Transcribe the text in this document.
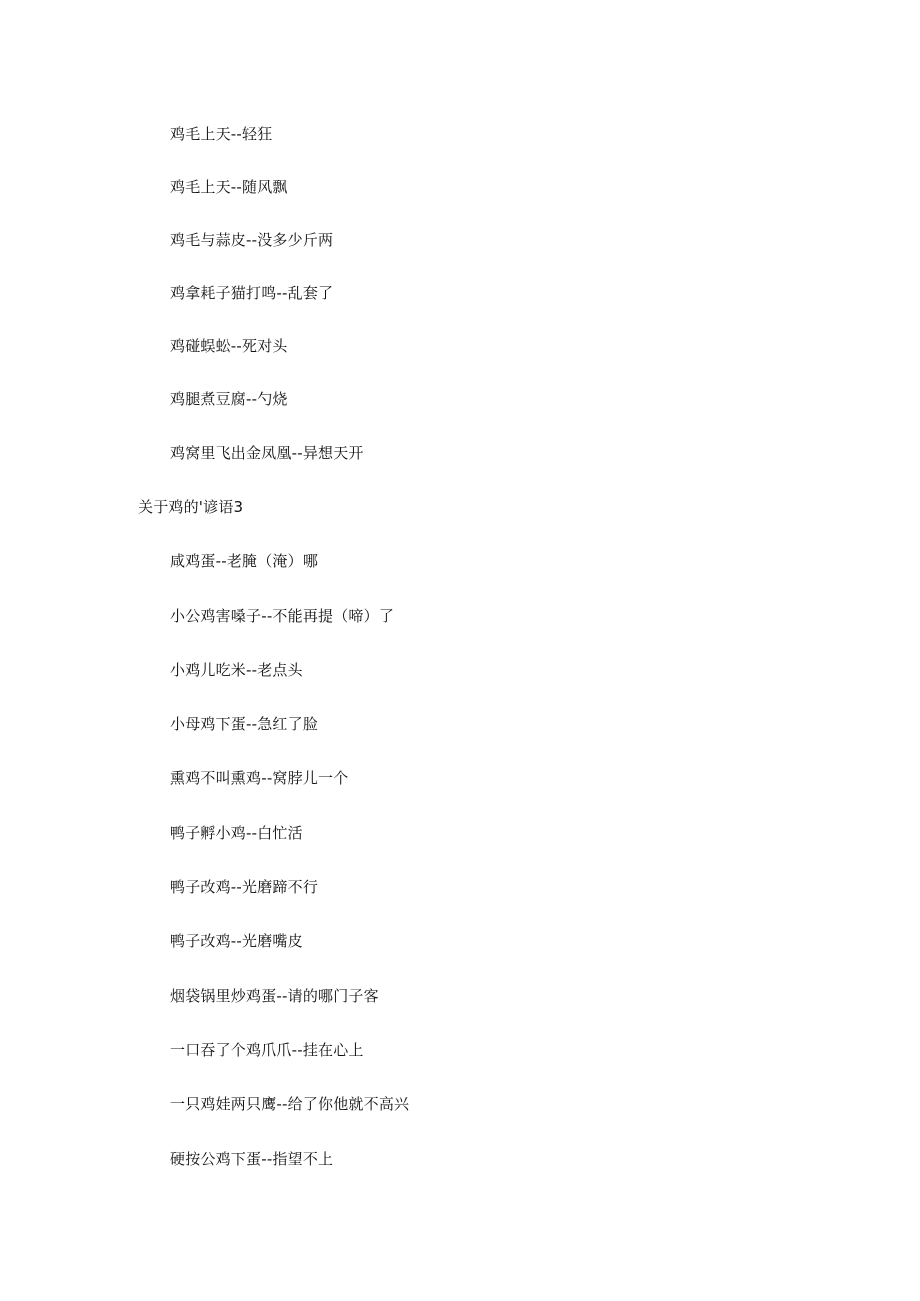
鸡毛上天--轻狂
鸡毛上天--随风飘
鸡毛与蒜皮--没多少斤两
鸡拿耗子猫打鸣--乱套了
鸡碰蜈蚣--死对头
鸡腿煮豆腐--勺烧
鸡窝里飞出金凤凰--异想天开
关于鸡的'谚语3
咸鸡蛋--老腌（淹）哪
小公鸡害嗓子--不能再提（啼）了
小鸡儿吃米--老点头
小母鸡下蛋--急红了脸
熏鸡不叫熏鸡--窝脖儿一个
鸭子孵小鸡--白忙活
鸭子改鸡--光磨蹄不行
鸭子改鸡--光磨嘴皮
烟袋锅里炒鸡蛋--请的哪门子客
一口吞了个鸡爪爪--挂在心上
一只鸡娃两只鹰--给了你他就不高兴
硬按公鸡下蛋--指望不上
